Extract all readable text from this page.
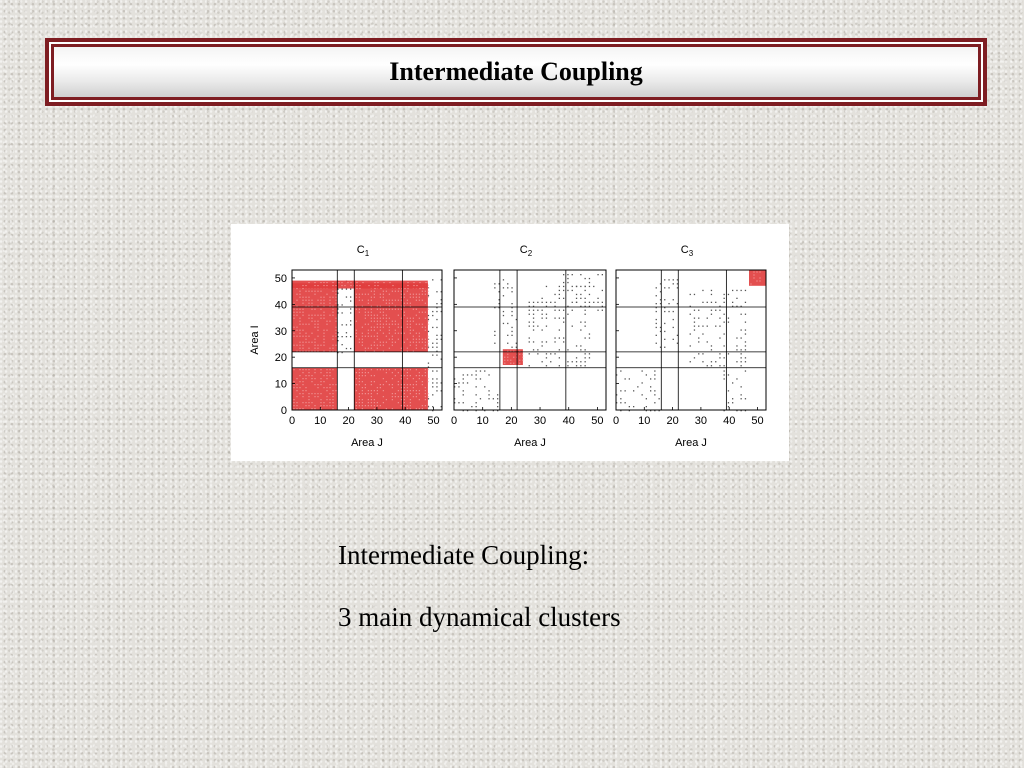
Intermediate Coupling
0 10 20 30 40 50
0
10
20
30
40
50
$C_1$
Area J
0 10 20 30 40 50
$C_2$
Area J
0 10 20 30 40 50
$C_3$
Area J
Area I
Intermediate Coupling:
3 main dynamical clusters
